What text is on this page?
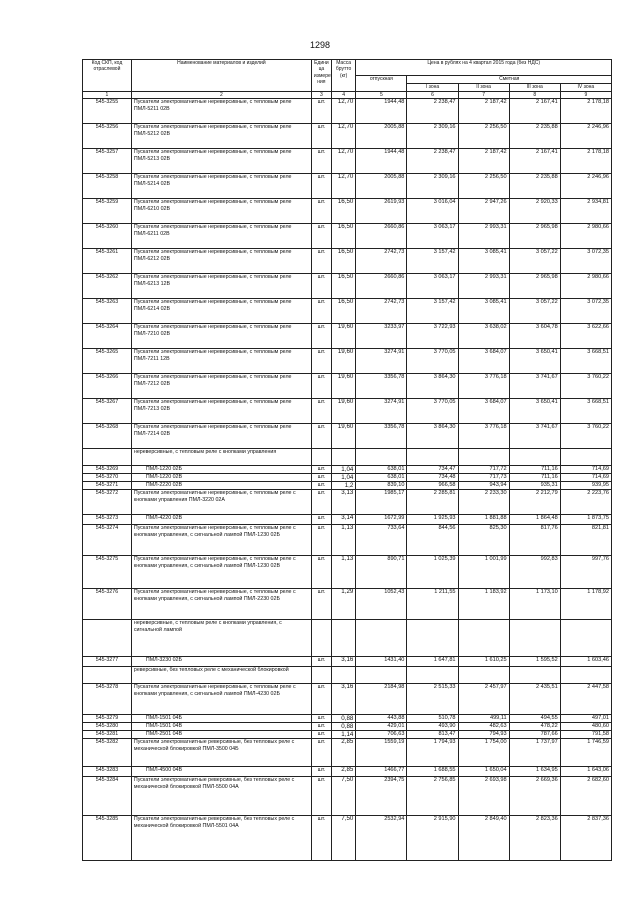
1298
Код СКП, код отраслевой	Наименование материалов и изделий	Едини ца измере ния	Масса брутто (кг)	Цена в рублях на 4 квартал 2015 года (без НДС)				
				отпускная	Сметная			
					I зона	II зона	III зона	IV зона
1	2	3	4	5	6	7	8	9
545-3255	Пускатели электромагнитные нереверсивные, с тепловым реле ПМЛ-5211 02В	шт.	12,70	1944,48	2 238,47	2 187,42	2 167,41	2 178,18
545-3256	Пускатели электромагнитные нереверсивные, с тепловым реле ПМЛ-5212 02В	шт.	12,70	2005,88	2 309,16	2 256,50	2 235,88	2 246,96
545-3257	Пускатели электромагнитные нереверсивные, с тепловым реле ПМЛ-5213 02В	шт.	12,70	1944,48	2 238,47	2 187,42	2 167,41	2 178,18
545-3258	Пускатели электромагнитные нереверсивные, с тепловым реле ПМЛ-5214 02В	шт.	12,70	2005,88	2 309,16	2 256,50	2 235,88	2 246,96
545-3259	Пускатели электромагнитные нереверсивные, с тепловым реле ПМЛ-6210 02В	шт.	16,50	2619,93	3 016,04	2 947,26	2 920,33	2 934,81
545-3260	Пускатели электромагнитные нереверсивные, с тепловым реле ПМЛ-6211 02В	шт.	16,50	2660,86	3 063,17	2 993,31	2 965,98	2 980,66
545-3261	Пускатели электромагнитные нереверсивные, с тепловым реле ПМЛ-6212 02В	шт.	16,50	2742,73	3 157,42	3 085,41	3 057,22	3 072,35
545-3262	Пускатели электромагнитные нереверсивные, с тепловым реле ПМЛ-6213 12В	шт.	16,50	2660,86	3 063,17	2 993,31	2 965,98	2 980,66
545-3263	Пускатели электромагнитные нереверсивные, с тепловым реле ПМЛ-6214 02В	шт.	16,50	2742,73	3 157,42	3 085,41	3 057,22	3 072,35
545-3264	Пускатели электромагнитные нереверсивные, с тепловым реле ПМЛ-7210 02В	шт.	19,60	3233,97	3 722,93	3 638,02	3 604,78	3 622,66
545-3265	Пускатели электромагнитные нереверсивные, с тепловым реле ПМЛ-7211 12В	шт.	19,60	3274,91	3 770,05	3 684,07	3 650,41	3 668,51
545-3266	Пускатели электромагнитные нереверсивные, с тепловым реле ПМЛ-7212 02В	шт.	19,60	3356,78	3 864,30	3 776,18	3 741,67	3 760,22
545-3267	Пускатели электромагнитные нереверсивные, с тепловым реле ПМЛ-7213 02В	шт.	19,60	3274,91	3 770,05	3 684,07	3 650,41	3 668,51
545-3268	Пускатели электромагнитные нереверсивные, с тепловым реле ПМЛ-7214 02В	шт.	19,60	3356,78	3 864,30	3 776,18	3 741,67	3 760,22
	нереверсивные, с тепловым реле с кнопками управления							
545-3269	ПМЛ-1220 02Б	шт.	1,04	638,01	734,47	717,72	711,16	714,69
545-3270	ПМЛ-1220 02В	шт.	1,04	638,01	734,48	717,73	711,16	714,69
545-3271	ПМЛ-2220 02В	шт.	1,2	839,10	966,58	943,94	935,31	939,95
545-3272	Пускатели электромагнитные нереверсивные, с тепловым реле с кнопками управления ПМЛ-3220 02А	шт.	3,13	1985,17	2 285,81	2 233,30	2 212,79	2 223,76
545-3273	ПМЛ-4220 02В	шт.	3,14	1672,99	1 925,93	1 881,88	1 864,48	1 873,75
545-3274	Пускатели электромагнитные нереверсивные, с тепловым реле с кнопками управления, с сигнальной лампой ПМЛ-1230 02Б	шт.	1,13	733,64	844,56	825,30	817,76	821,81
545-3275	Пускатели электромагнитные нереверсивные, с тепловым реле с кнопками управления, с сигнальной лампой ПМЛ-1230 02В	шт.	1,13	890,71	1 025,39	1 001,99	992,83	997,76
545-3276	Пускатели электромагнитные нереверсивные, с тепловым реле с кнопками управления, с сигнальной лампой ПМЛ-2230 02Б	шт.	1,29	1052,43	1 211,55	1 183,92	1 173,10	1 178,92
	нереверсивные, с тепловым реле с кнопками управления, с сигнальной лампой							
545-3277	ПМЛ-3230 02Б	шт.	3,16	1431,40	1 647,81	1 610,25	1 595,52	1 603,46
	реверсивные, без тепловых реле с механической блокировкой							
545-3278	Пускатели электромагнитные нереверсивные, с тепловым реле с кнопками управления, с сигнальной лампой ПМЛ-4230 02Б	шт.	3,16	2184,98	2 515,33	2 457,97	2 435,51	2 447,58
545-3279	ПМЛ-1501 04Б	шт.	0,88	443,88	510,78	499,11	494,55	497,01
545-3280	ПМЛ-1501 04В	шт.	0,88	429,01	493,90	482,63	478,22	480,60
545-3281	ПМЛ-2501 04В	шт.	1,14	706,63	813,47	794,93	787,66	791,58
545-3282	Пускатели электромагнитные реверсивные, без тепловых реле с механической блокировкой ПМЛ-3500 04Б	шт.	2,85	1559,19	1 794,93	1 754,00	1 737,97	1 746,59
545-3283	ПМЛ-4500 04В	шт.	2,85	1466,77	1 688,55	1 650,04	1 634,95	1 643,06
545-3284	Пускатели электромагнитные реверсивные, без тепловых реле с механической блокировкой ПМЛ-5500 04А	шт.	7,50	2394,75	2 756,85	2 693,98	2 669,36	2 682,60
545-3285	Пускатели электромагнитные реверсивные, без тепловых реле с механической блокировкой ПМЛ-5501 04А	шт.	7,50	2532,94	2 915,90	2 849,40	2 823,36	2 837,36
